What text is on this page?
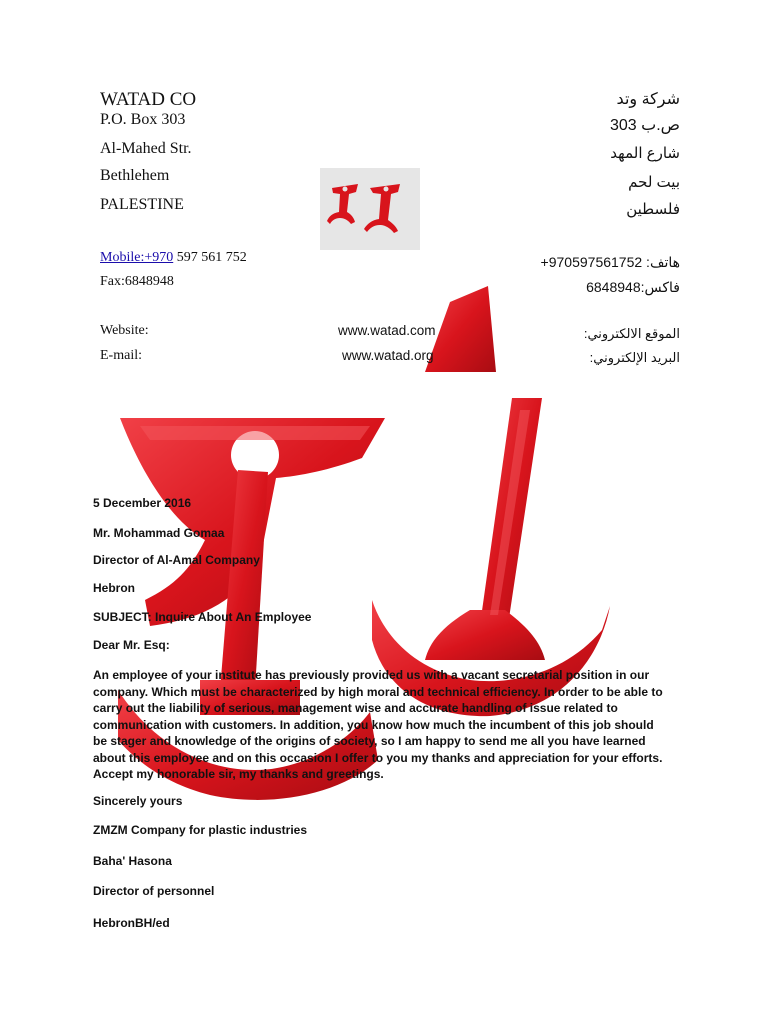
WATAD CO
P.O. Box 303
Al-Mahed Str.
Bethlehem
PALESTINE
Mobile:+970 597 561 752
Fax:6848948
Website:
E-mail:
www.watad.com
www.watad.org
شركة وتد
ص.ب 303
شارع المهد
بيت لحم
فلسطين
هاتف: 970597561752+
فاكس:6848948
الموقع الالكتروني:
البريد الإلكتروني:
5 December 2016
Mr. Mohammad Gomaa
Director of Al-Amal Company
Hebron
SUBJECT: Inquire About An Employee
Dear Mr. Esq:
An employee of your institute has previously provided us with a vacant secretarial position in our
company. Which must be characterized by high moral and technical efficiency. In order to be able to
carry out the liability of serious, management wise and accurate handling of issue related to
communication with customers. In addition, you know how much the incumbent of this job should
be stager and knowledge of the origins of society, so I am happy to send me all you have learned
about this employee and on this occasion I offer to you my thanks and appreciation for your efforts.
Accept my honorable sir, my thanks and greetings.
Sincerely yours
ZMZM Company for plastic industries
Baha' Hasona
Director of personnel
HebronBH/ed
